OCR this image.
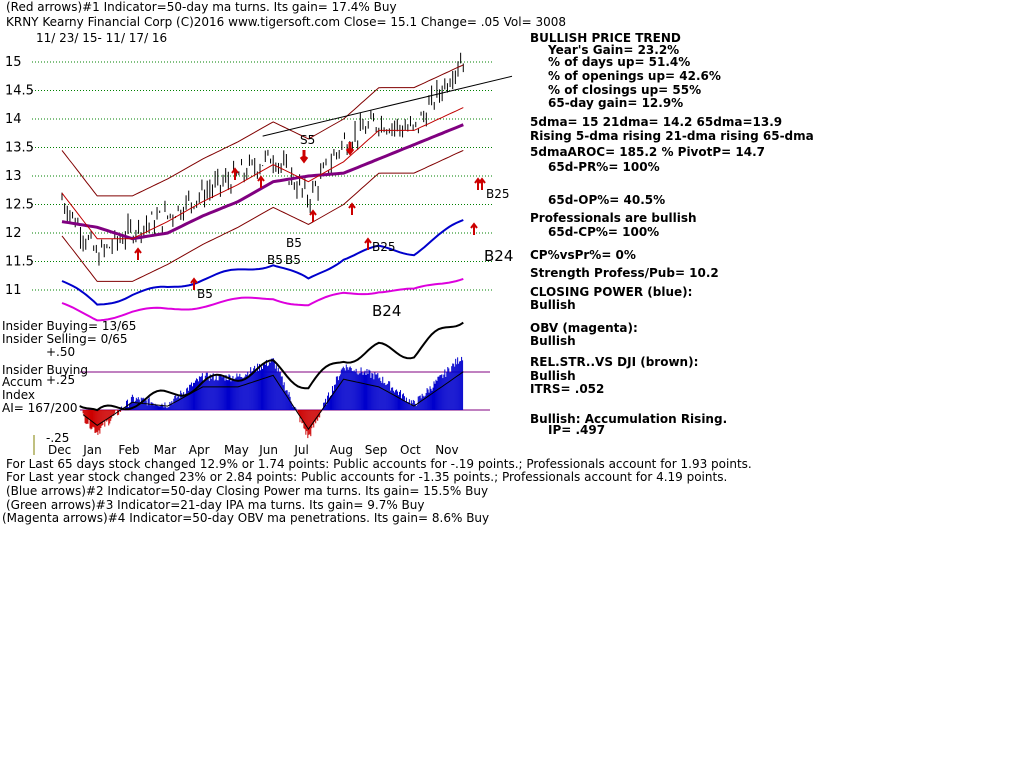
15
14.5
14
13.5
13
12.5
12
11.5
11
Dec Jan Feb Mar Apr May Jun Jul Aug Sep Oct Nov
S5
B5
B5 B5
B25
B5
B24
B25
B24
+.50
+.25
-.25
(Red arrows)#1 Indicator=50-day ma turns. Its gain= 17.4% Buy
KRNY Kearny Financial Corp (C)2016 www.tigersoft.com Close= 15.1 Change= .05 Vol= 3008
11/ 23/ 15- 11/ 17/ 16	BULLISH PRICE TREND
Year's Gain= 23.2%
% of days up= 51.4%
% of openings up= 42.6%
% of closings up= 55%
65-day gain= 12.9%
5dma= 15 21dma= 14.2 65dma=13.9
Rising 5-dma rising 21-dma rising 65-dma
5dmaAROC= 185.2 % PivotP= 14.7
65d-PR%= 100%
65d-OP%= 40.5%
Professionals are bullish
65d-CP%= 100%
CP%vsPr%= 0%
Strength Profess/Pub= 10.2
CLOSING POWER (blue):
Bullish
OBV (magenta):
Bullish
REL.STR..VS DJI (brown):
Bullish
ITRS= .052
Bullish: Accumulation Rising.
IP= .497
Insider Buying= 13/65
Insider Selling= 0/65
Insider Buying
Accum
Index
AI= 167/200
For Last 65 days stock changed 12.9% or 1.74 points: Public accounts for -.19 points.; Professionals account for 1.93 points.
For Last year stock changed 23% or 2.84 points: Public accounts for -1.35 points.; Professionals account for 4.19 points.
(Blue arrows)#2 Indicator=50-day Closing Power ma turns. Its gain= 15.5% Buy
(Green arrows)#3 Indicator=21-day IPA ma turns. Its gain= 9.7% Buy
(Magenta arrows)#4 Indicator=50-day OBV ma penetrations. Its gain= 8.6% Buy
